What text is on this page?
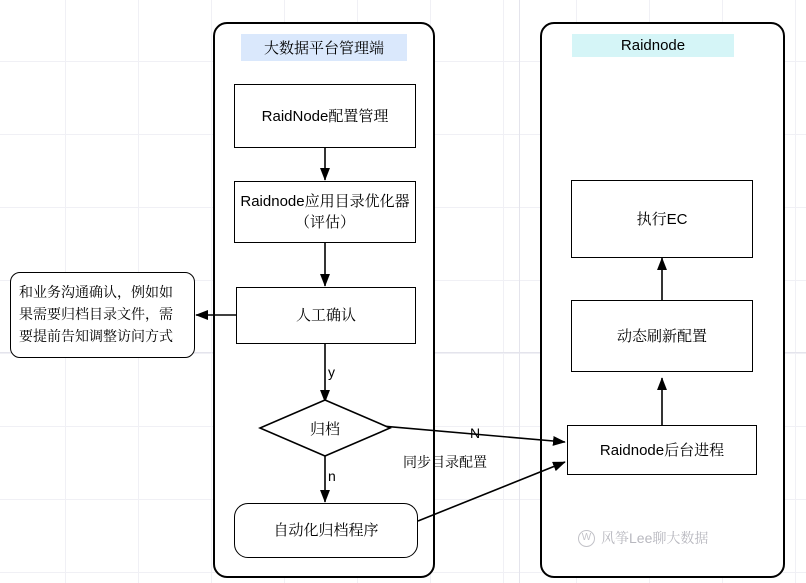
大数据平台管理端	Raidnode
RaidNode配置管理
Raidnode应用目录优化器（评估）
人工确认
归档
自动化归档程序
和业务沟通确认，例如如果需要归档目录文件，需要提前告知调整访问方式
执行EC
动态刷新配置
Raidnode后台进程
y
n
N
同步目录配置
W 风筝Lee聊大数据
